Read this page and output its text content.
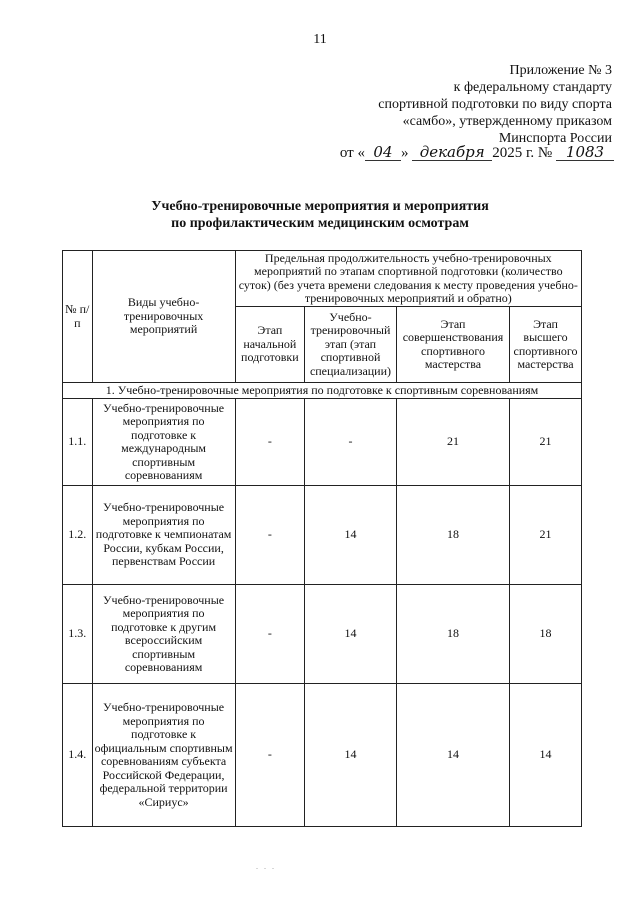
11
Приложение № 3
к федеральному стандарту
спортивной подготовки по виду спорта
«самбо», утвержденному приказом
Минспорта России
от « 04 » декабря 2025 г. № 1083
Учебно-тренировочные мероприятия и мероприятия
по профилактическим медицинским осмотрам
№ п/п	Виды учебно-тренировочных мероприятий	Предельная продолжительность учебно-тренировочных мероприятий по этапам спортивной подготовки (количество суток) (без учета времени следования к месту проведения учебно-тренировочных мероприятий и обратно)			
		Этап начальной подготовки	Учебно-тренировочный этап (этап спортивной специализации)	Этап совершенствования спортивного мастерства	Этап высшего спортивного мастерства
1. Учебно-тренировочные мероприятия по подготовке к спортивным соревнованиям					
1.1.	Учебно-тренировочные мероприятия по подготовке к международным спортивным соревнованиям	-	-	21	21
1.2.	Учебно-тренировочные мероприятия по подготовке к чемпионатам России, кубкам России, первенствам России	-	14	18	21
1.3.	Учебно-тренировочные мероприятия по подготовке к другим всероссийским спортивным соревнованиям	-	14	18	18
1.4.	Учебно-тренировочные мероприятия по подготовке к официальным спортивным соревнованиям субъекта Российской Федерации, федеральной территории «Сириус»	-	14	14	14
. . .
